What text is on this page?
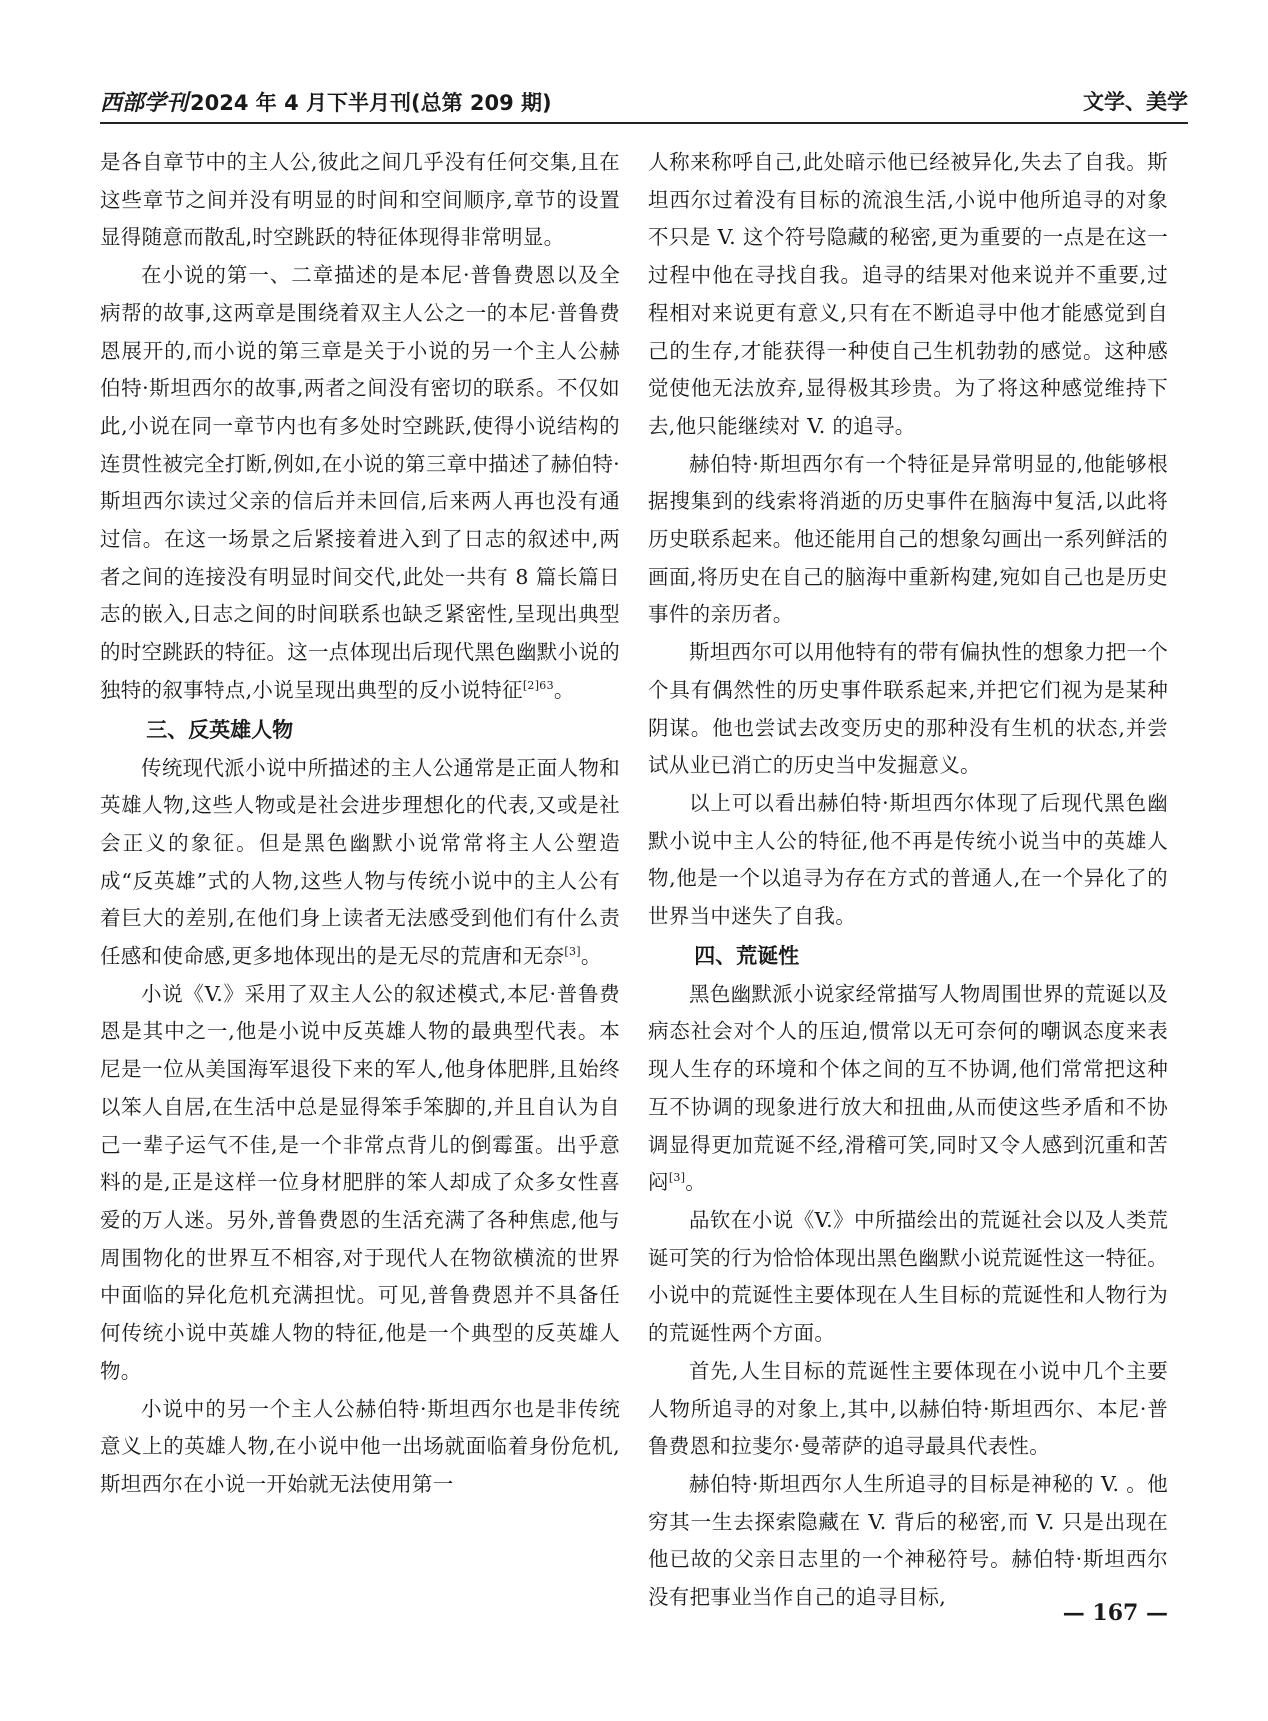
西部学刊2024 年 4 月下半月刊(总第 209 期)	文学、美学

是各自章节中的主人公,彼此之间几乎没有任何交集,且在这些章节之间并没有明显的时间和空间顺序,章节的设置显得随意而散乱,时空跳跃的特征体现得非常明显。

在小说的第一、二章描述的是本尼·普鲁费恩以及全病帮的故事,这两章是围绕着双主人公之一的本尼·普鲁费恩展开的,而小说的第三章是关于小说的另一个主人公赫伯特·斯坦西尔的故事,两者之间没有密切的联系。不仅如此,小说在同一章节内也有多处时空跳跃,使得小说结构的连贯性被完全打断,例如,在小说的第三章中描述了赫伯特·斯坦西尔读过父亲的信后并未回信,后来两人再也没有通过信。在这一场景之后紧接着进入到了日志的叙述中,两者之间的连接没有明显时间交代,此处一共有 8 篇长篇日志的嵌入,日志之间的时间联系也缺乏紧密性,呈现出典型的时空跳跃的特征。这一点体现出后现代黑色幽默小说的独特的叙事特点,小说呈现出典型的反小说特征$^{[2]63}$。

三、反英雄人物

传统现代派小说中所描述的主人公通常是正面人物和英雄人物,这些人物或是社会进步理想化的代表,又或是社会正义的象征。但是黑色幽默小说常常将主人公塑造成“反英雄”式的人物,这些人物与传统小说中的主人公有着巨大的差别,在他们身上读者无法感受到他们有什么责任感和使命感,更多地体现出的是无尽的荒唐和无奈[3]。

小说《V.》采用了双主人公的叙述模式,本尼·普鲁费恩是其中之一,他是小说中反英雄人物的最典型代表。本尼是一位从美国海军退役下来的军人,他身体肥胖,且始终以笨人自居,在生活中总是显得笨手笨脚的,并且自认为自己一辈子运气不佳,是一个非常点背儿的倒霉蛋。出乎意料的是,正是这样一位身材肥胖的笨人却成了众多女性喜爱的万人迷。另外,普鲁费恩的生活充满了各种焦虑,他与周围物化的世界互不相容,对于现代人在物欲横流的世界中面临的异化危机充满担忧。可见,普鲁费恩并不具备任何传统小说中英雄人物的特征,他是一个典型的反英雄人物。

小说中的另一个主人公赫伯特·斯坦西尔也是非传统意义上的英雄人物,在小说中他一出场就面临着身份危机,斯坦西尔在小说一开始就无法使用第一

人称来称呼自己,此处暗示他已经被异化,失去了自我。斯坦西尔过着没有目标的流浪生活,小说中他所追寻的对象不只是 V. 这个符号隐藏的秘密,更为重要的一点是在这一过程中他在寻找自我。追寻的结果对他来说并不重要,过程相对来说更有意义,只有在不断追寻中他才能感觉到自己的生存,才能获得一种使自己生机勃勃的感觉。这种感觉使他无法放弃,显得极其珍贵。为了将这种感觉维持下去,他只能继续对 V. 的追寻。

赫伯特·斯坦西尔有一个特征是异常明显的,他能够根据搜集到的线索将消逝的历史事件在脑海中复活,以此将历史联系起来。他还能用自己的想象勾画出一系列鲜活的画面,将历史在自己的脑海中重新构建,宛如自己也是历史事件的亲历者。

斯坦西尔可以用他特有的带有偏执性的想象力把一个个具有偶然性的历史事件联系起来,并把它们视为是某种阴谋。他也尝试去改变历史的那种没有生机的状态,并尝试从业已消亡的历史当中发掘意义。

以上可以看出赫伯特·斯坦西尔体现了后现代黑色幽默小说中主人公的特征,他不再是传统小说当中的英雄人物,他是一个以追寻为存在方式的普通人,在一个异化了的世界当中迷失了自我。

四、荒诞性

黑色幽默派小说家经常描写人物周围世界的荒诞以及病态社会对个人的压迫,惯常以无可奈何的嘲讽态度来表现人生存的环境和个体之间的互不协调,他们常常把这种互不协调的现象进行放大和扭曲,从而使这些矛盾和不协调显得更加荒诞不经,滑稽可笑,同时又令人感到沉重和苦闷[3]。

品钦在小说《V.》中所描绘出的荒诞社会以及人类荒诞可笑的行为恰恰体现出黑色幽默小说荒诞性这一特征。小说中的荒诞性主要体现在人生目标的荒诞性和人物行为的荒诞性两个方面。

首先,人生目标的荒诞性主要体现在小说中几个主要人物所追寻的对象上,其中,以赫伯特·斯坦西尔、本尼·普鲁费恩和拉斐尔·曼蒂萨的追寻最具代表性。

赫伯特·斯坦西尔人生所追寻的目标是神秘的 V. 。他穷其一生去探索隐藏在 V. 背后的秘密,而 V. 只是出现在他已故的父亲日志里的一个神秘符号。赫伯特·斯坦西尔没有把事业当作自己的追寻目标,

— 167 —
